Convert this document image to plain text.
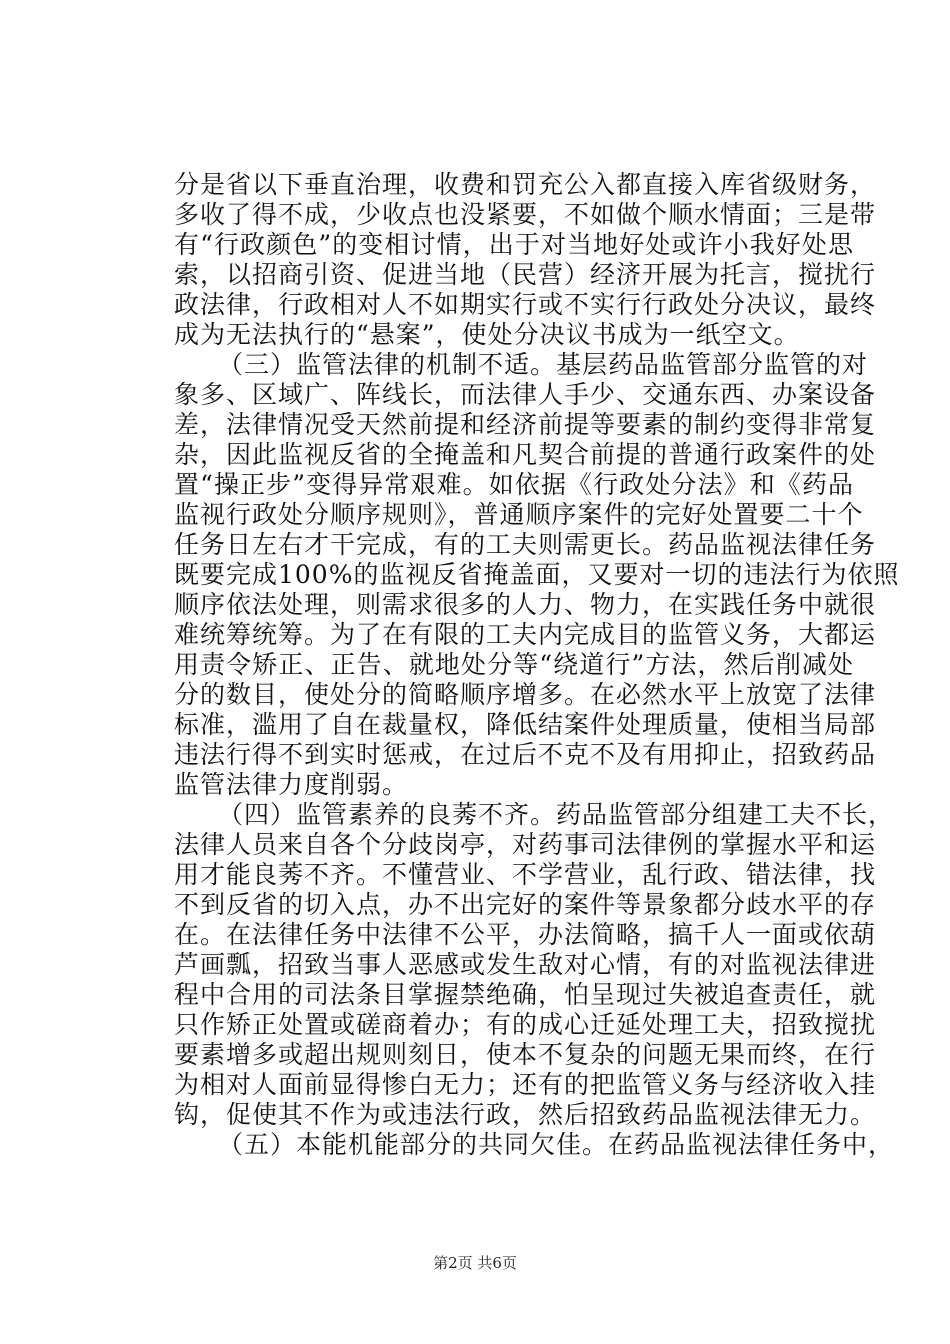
分是省以下垂直治理，收费和罚充公入都直接入库省级财务，
多收了得不成，少收点也没紧要，不如做个顺水情面；三是带
有“行政颜色”的变相讨情，出于对当地好处或许小我好处思
索，以招商引资、促进当地（民营）经济开展为托言，搅扰行
政法律，行政相对人不如期实行或不实行行政处分决议，最终
成为无法执行的“悬案”，使处分决议书成为一纸空文。
（三）监管法律的机制不适。基层药品监管部分监管的对
象多、区域广、阵线长，而法律人手少、交通东西、办案设备
差，法律情况受天然前提和经济前提等要素的制约变得非常复
杂，因此监视反省的全掩盖和凡契合前提的普通行政案件的处
置“操正步”变得异常艰难。如依据《行政处分法》和《药品
监视行政处分顺序规则》，普通顺序案件的完好处置要二十个
任务日左右才干完成，有的工夫则需更长。药品监视法律任务
既要完成100%的监视反省掩盖面，又要对一切的违法行为依照
顺序依法处理，则需求很多的人力、物力，在实践任务中就很
难统筹统筹。为了在有限的工夫内完成目的监管义务，大都运
用责令矫正、正告、就地处分等“绕道行”方法，然后削减处
分的数目，使处分的简略顺序增多。在必然水平上放宽了法律
标准，滥用了自在裁量权，降低结案件处理质量，使相当局部
违法行得不到实时惩戒，在过后不克不及有用抑止，招致药品
监管法律力度削弱。
（四）监管素养的良莠不齐。药品监管部分组建工夫不长，
法律人员来自各个分歧岗亭，对药事司法律例的掌握水平和运
用才能良莠不齐。不懂营业、不学营业，乱行政、错法律，找
不到反省的切入点，办不出完好的案件等景象都分歧水平的存
在。在法律任务中法律不公平，办法简略，搞千人一面或依葫
芦画瓢，招致当事人恶感或发生敌对心情，有的对监视法律进
程中合用的司法条目掌握禁绝确，怕呈现过失被追查责任，就
只作矫正处置或磋商着办；有的成心迁延处理工夫，招致搅扰
要素增多或超出规则刻日，使本不复杂的问题无果而终，在行
为相对人面前显得惨白无力；还有的把监管义务与经济收入挂
钩，促使其不作为或违法行政，然后招致药品监视法律无力。
（五）本能机能部分的共同欠佳。在药品监视法律任务中，
第2页 共6页
